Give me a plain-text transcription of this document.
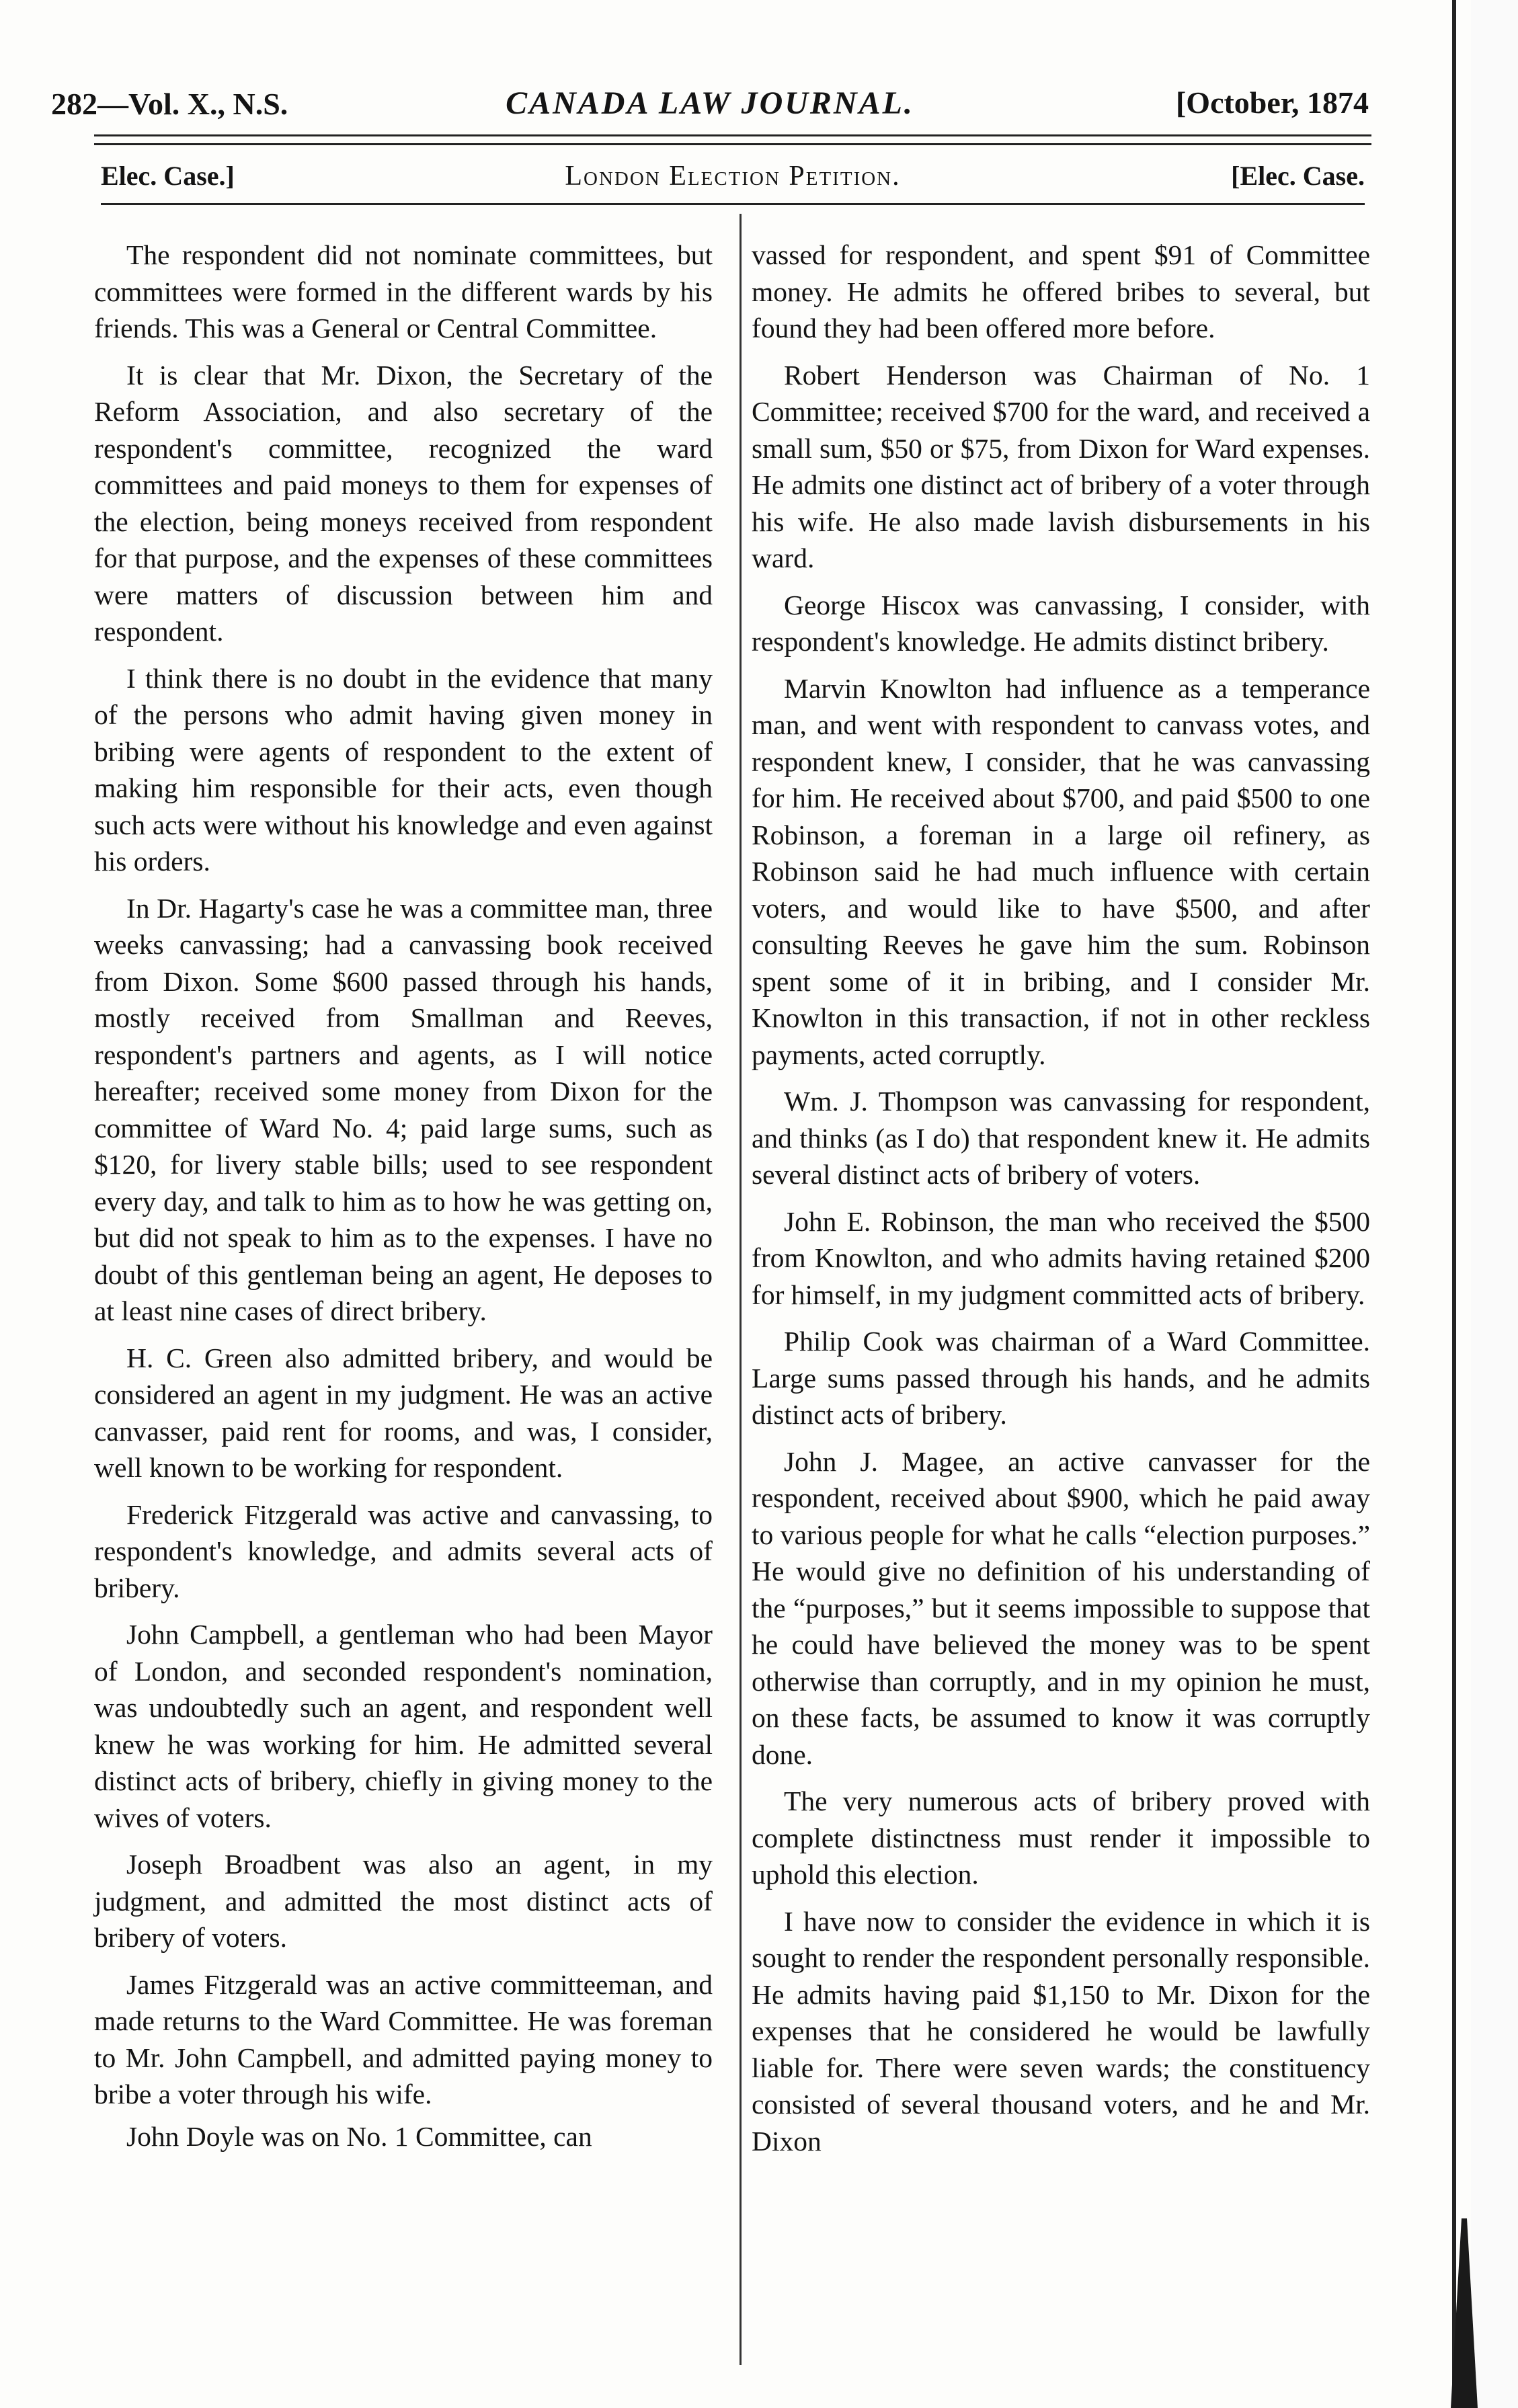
282—Vol. X., N.S.	CANADA LAW JOURNAL.	[October, 1874
Elec. Case.]	London Election Petition.	[Elec. Case.

The respondent did not nominate committees, but committees were formed in the different wards by his friends. This was a General or Central Committee.

It is clear that Mr. Dixon, the Secretary of the Reform Association, and also secretary of the respondent's committee, recognized the ward committees and paid moneys to them for expenses of the election, being moneys received from respondent for that purpose, and the expenses of these committees were matters of discussion between him and respondent.

I think there is no doubt in the evidence that many of the persons who admit having given money in bribing were agents of respondent to the extent of making him responsible for their acts, even though such acts were without his knowledge and even against his orders.

In Dr. Hagarty's case he was a committee man, three weeks canvassing; had a canvassing book received from Dixon. Some $600 passed through his hands, mostly received from Smallman and Reeves, respondent's partners and agents, as I will notice hereafter; received some money from Dixon for the committee of Ward No. 4; paid large sums, such as $120, for livery stable bills; used to see respondent every day, and talk to him as to how he was getting on, but did not speak to him as to the expenses. I have no doubt of this gentleman being an agent, He deposes to at least nine cases of direct bribery.

H. C. Green also admitted bribery, and would be considered an agent in my judgment. He was an active canvasser, paid rent for rooms, and was, I consider, well known to be working for respondent.

Frederick Fitzgerald was active and canvassing, to respondent's knowledge, and admits several acts of bribery.

John Campbell, a gentleman who had been Mayor of London, and seconded respondent's nomination, was undoubtedly such an agent, and respondent well knew he was working for him. He admitted several distinct acts of bribery, chiefly in giving money to the wives of voters.

Joseph Broadbent was also an agent, in my judgment, and admitted the most distinct acts of bribery of voters.

James Fitzgerald was an active committeeman, and made returns to the Ward Committee. He was foreman to Mr. John Campbell, and admitted paying money to bribe a voter through his wife.

John Doyle was on No. 1 Committee, can

vassed for respondent, and spent $91 of Committee money. He admits he offered bribes to several, but found they had been offered more before.

Robert Henderson was Chairman of No. 1 Committee; received $700 for the ward, and received a small sum, $50 or $75, from Dixon for Ward expenses. He admits one distinct act of bribery of a voter through his wife. He also made lavish disbursements in his ward.

George Hiscox was canvassing, I consider, with respondent's knowledge. He admits distinct bribery.

Marvin Knowlton had influence as a temperance man, and went with respondent to canvass votes, and respondent knew, I consider, that he was canvassing for him. He received about $700, and paid $500 to one Robinson, a foreman in a large oil refinery, as Robinson said he had much influence with certain voters, and would like to have $500, and after consulting Reeves he gave him the sum. Robinson spent some of it in bribing, and I consider Mr. Knowlton in this transaction, if not in other reckless payments, acted corruptly.

Wm. J. Thompson was canvassing for respondent, and thinks (as I do) that respondent knew it. He admits several distinct acts of bribery of voters.

John E. Robinson, the man who received the $500 from Knowlton, and who admits having retained $200 for himself, in my judgment committed acts of bribery.

Philip Cook was chairman of a Ward Committee. Large sums passed through his hands, and he admits distinct acts of bribery.

John J. Magee, an active canvasser for the respondent, received about $900, which he paid away to various people for what he calls “election purposes.” He would give no definition of his understanding of the “purposes,” but it seems impossible to suppose that he could have believed the money was to be spent otherwise than corruptly, and in my opinion he must, on these facts, be assumed to know it was corruptly done.

The very numerous acts of bribery proved with complete distinctness must render it impossible to uphold this election.

I have now to consider the evidence in which it is sought to render the respondent personally responsible. He admits having paid $1,150 to Mr. Dixon for the expenses that he considered he would be lawfully liable for. There were seven wards; the constituency consisted of several thousand voters, and he and Mr. Dixon
